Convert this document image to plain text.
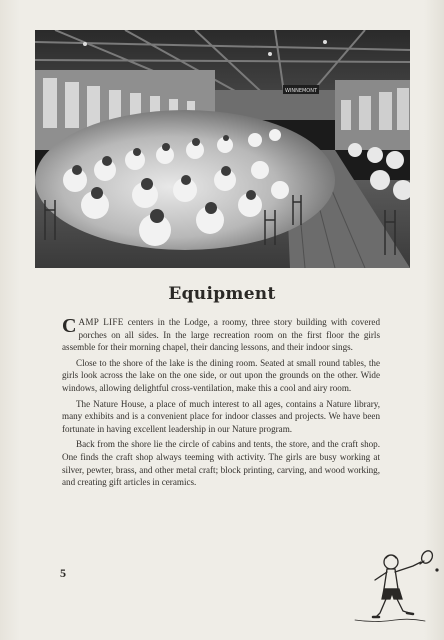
WINNEMONT
Equipment

CAMP LIFE centers in the Lodge, a roomy, three story building with covered porches on all sides. In the large recreation room on the first floor the girls assemble for their morning chapel, their dancing lessons, and their indoor sings.

Close to the shore of the lake is the dining room. Seated at small round tables, the girls look across the lake on the one side, or out upon the grounds on the other. Wide windows, allowing delightful cross-ventilation, make this a cool and airy room.

The Nature House, a place of much interest to all ages, contains a Nature library, many exhibits and is a convenient place for indoor classes and projects. We have been fortunate in having excellent leadership in our Nature program.

Back from the shore lie the circle of cabins and tents, the store, and the craft shop. One finds the craft shop always teeming with activity. The girls are busy working at silver, pewter, brass, and other metal craft; block printing, carving, and wood working, and creating gift articles in ceramics.

5
